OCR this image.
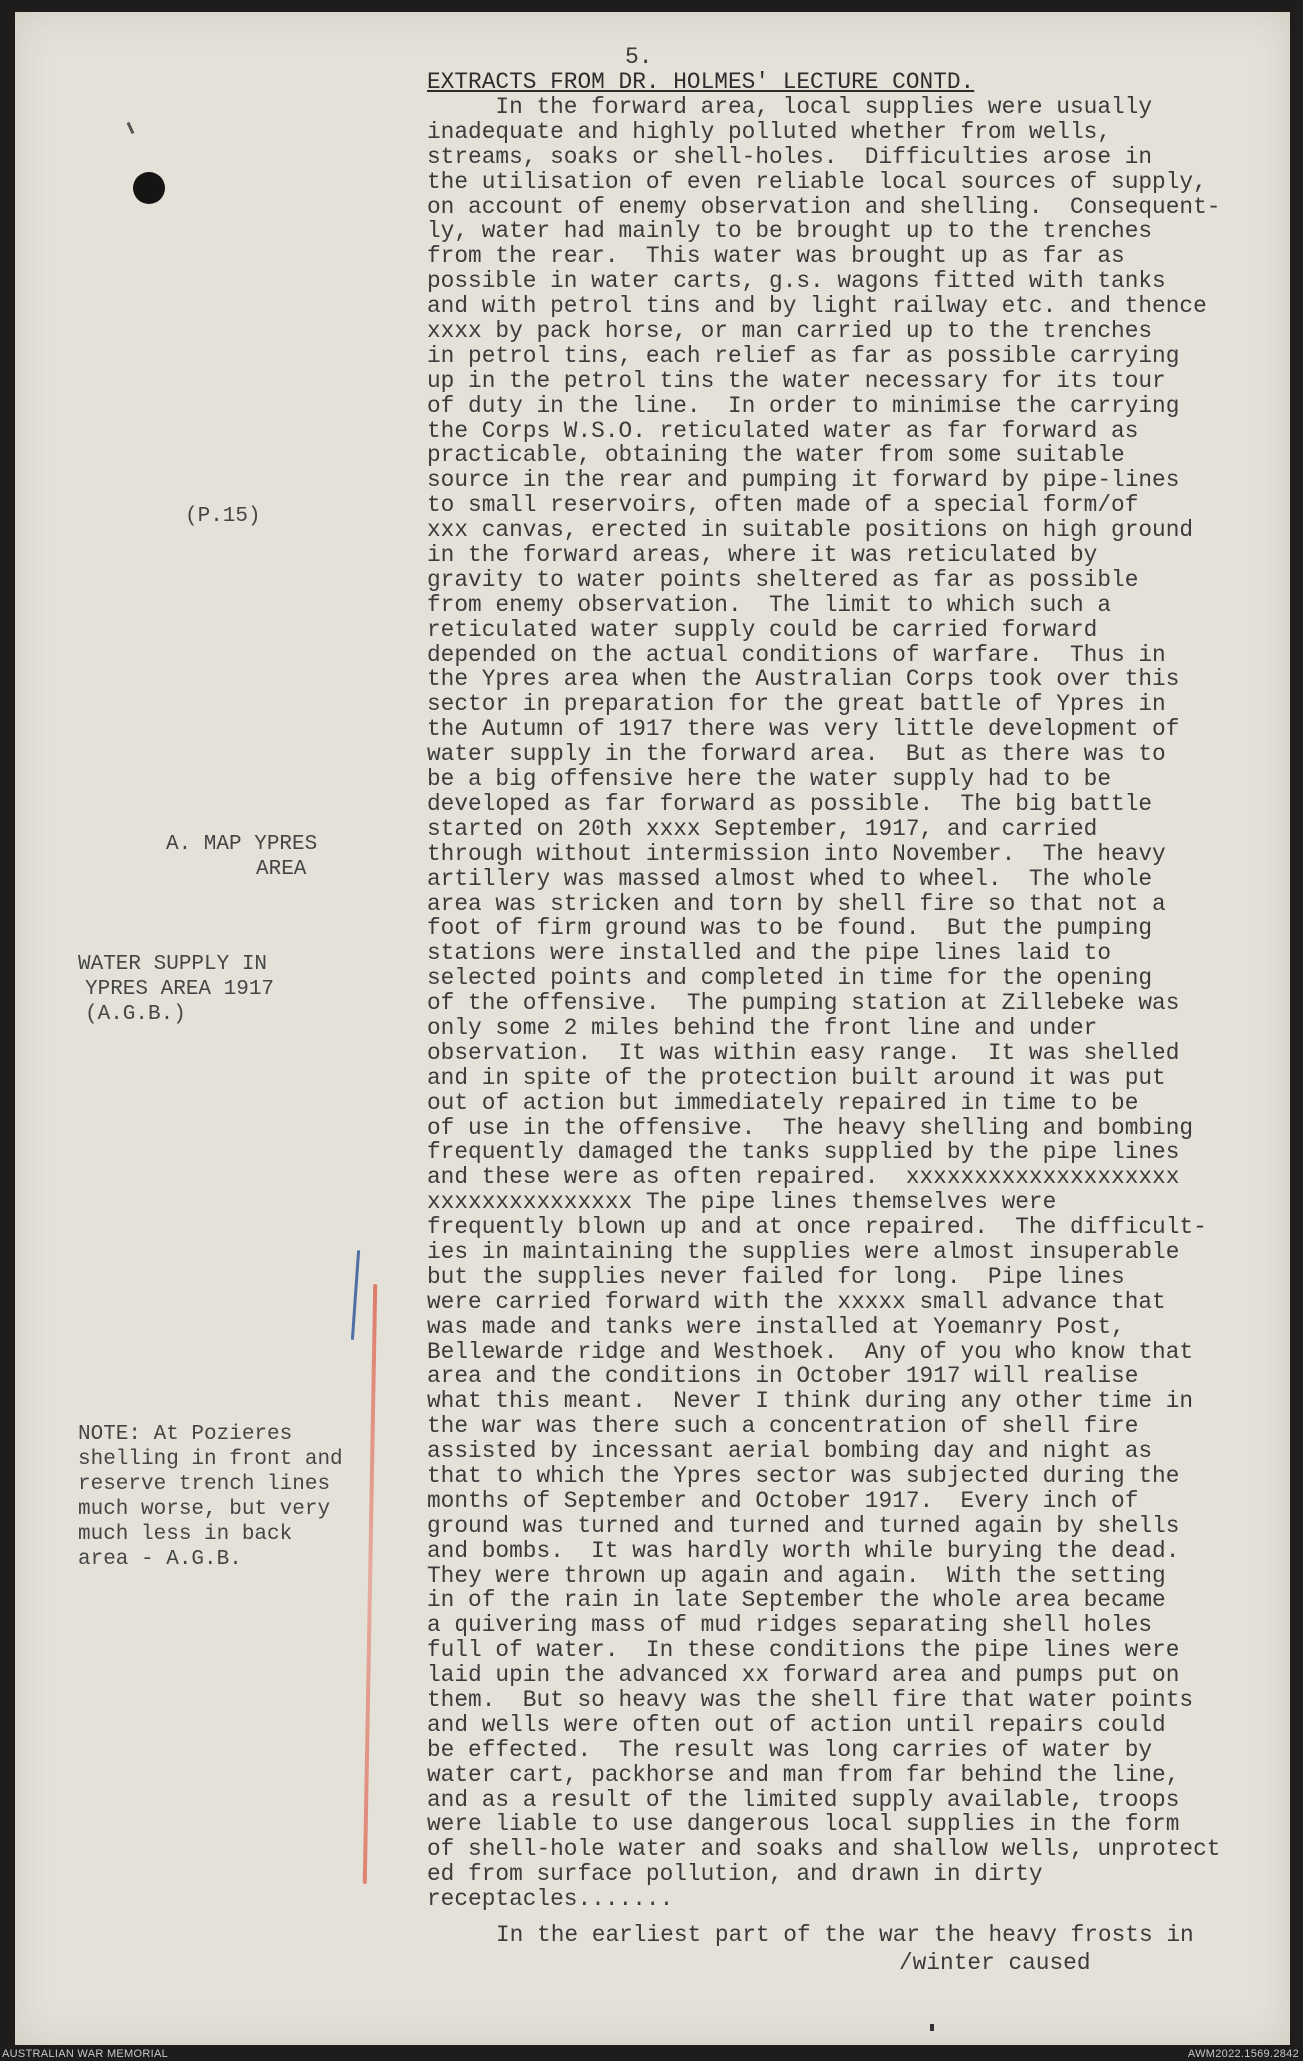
5.
EXTRACTS FROM DR. HOLMES' LECTURE CONTD.
In the forward area, local supplies were usually
inadequate and highly polluted whether from wells,
streams, soaks or shell-holes.  Difficulties arose in
the utilisation of even reliable local sources of supply,
on account of enemy observation and shelling.  Consequent-
ly, water had mainly to be brought up to the trenches
from the rear.  This water was brought up as far as
possible in water carts, g.s. wagons fitted with tanks
and with petrol tins and by light railway etc. and thence
xxxx by pack horse, or man carried up to the trenches
in petrol tins, each relief as far as possible carrying
up in the petrol tins the water necessary for its tour
of duty in the line.  In order to minimise the carrying
the Corps W.S.O. reticulated water as far forward as
practicable, obtaining the water from some suitable
source in the rear and pumping it forward by pipe-lines
to small reservoirs, often made of a special form/of
xxx canvas, erected in suitable positions on high ground
in the forward areas, where it was reticulated by
gravity to water points sheltered as far as possible
from enemy observation.  The limit to which such a
reticulated water supply could be carried forward
depended on the actual conditions of warfare.  Thus in
the Ypres area when the Australian Corps took over this
sector in preparation for the great battle of Ypres in
the Autumn of 1917 there was very little development of
water supply in the forward area.  But as there was to
be a big offensive here the water supply had to be
developed as far forward as possible.  The big battle
started on 20th xxxx September, 1917, and carried
through without intermission into November.  The heavy
artillery was massed almost whed to wheel.  The whole
area was stricken and torn by shell fire so that not a
foot of firm ground was to be found.  But the pumping
stations were installed and the pipe lines laid to
selected points and completed in time for the opening
of the offensive.  The pumping station at Zillebeke was
only some 2 miles behind the front line and under
observation.  It was within easy range.  It was shelled
and in spite of the protection built around it was put
out of action but immediately repaired in time to be
of use in the offensive.  The heavy shelling and bombing
frequently damaged the tanks supplied by the pipe lines
and these were as often repaired.  xxxxxxxxxxxxxxxxxxxx
xxxxxxxxxxxxxxx The pipe lines themselves were
frequently blown up and at once repaired.  The difficult-
ies in maintaining the supplies were almost insuperable
but the supplies never failed for long.  Pipe lines
were carried forward with the xxxxx small advance that
was made and tanks were installed at Yoemanry Post,
Bellewarde ridge and Westhoek.  Any of you who know that
area and the conditions in October 1917 will realise
what this meant.  Never I think during any other time in
the war was there such a concentration of shell fire
assisted by incessant aerial bombing day and night as
that to which the Ypres sector was subjected during the
months of September and October 1917.  Every inch of
ground was turned and turned and turned again by shells
and bombs.  It was hardly worth while burying the dead.
They were thrown up again and again.  With the setting
in of the rain in late September the whole area became
a quivering mass of mud ridges separating shell holes
full of water.  In these conditions the pipe lines were
laid upin the advanced xx forward area and pumps put on
them.  But so heavy was the shell fire that water points
and wells were often out of action until repairs could
be effected.  The result was long carries of water by
water cart, packhorse and man from far behind the line,
and as a result of the limited supply available, troops
were liable to use dangerous local supplies in the form
of shell-hole water and soaks and shallow wells, unprotect
ed from surface pollution, and drawn in dirty
receptacles.......
In the earliest part of the war the heavy frosts in
/winter caused
(P.15)
A. MAP YPRES
AREA
WATER SUPPLY IN
YPRES AREA 1917
(A.G.B.)
NOTE: At Pozieres
shelling in front and
reserve trench lines
much worse, but very
much less in back
area - A.G.B.
AUSTRALIAN WAR MEMORIAL	AWM2022.1569.2842
